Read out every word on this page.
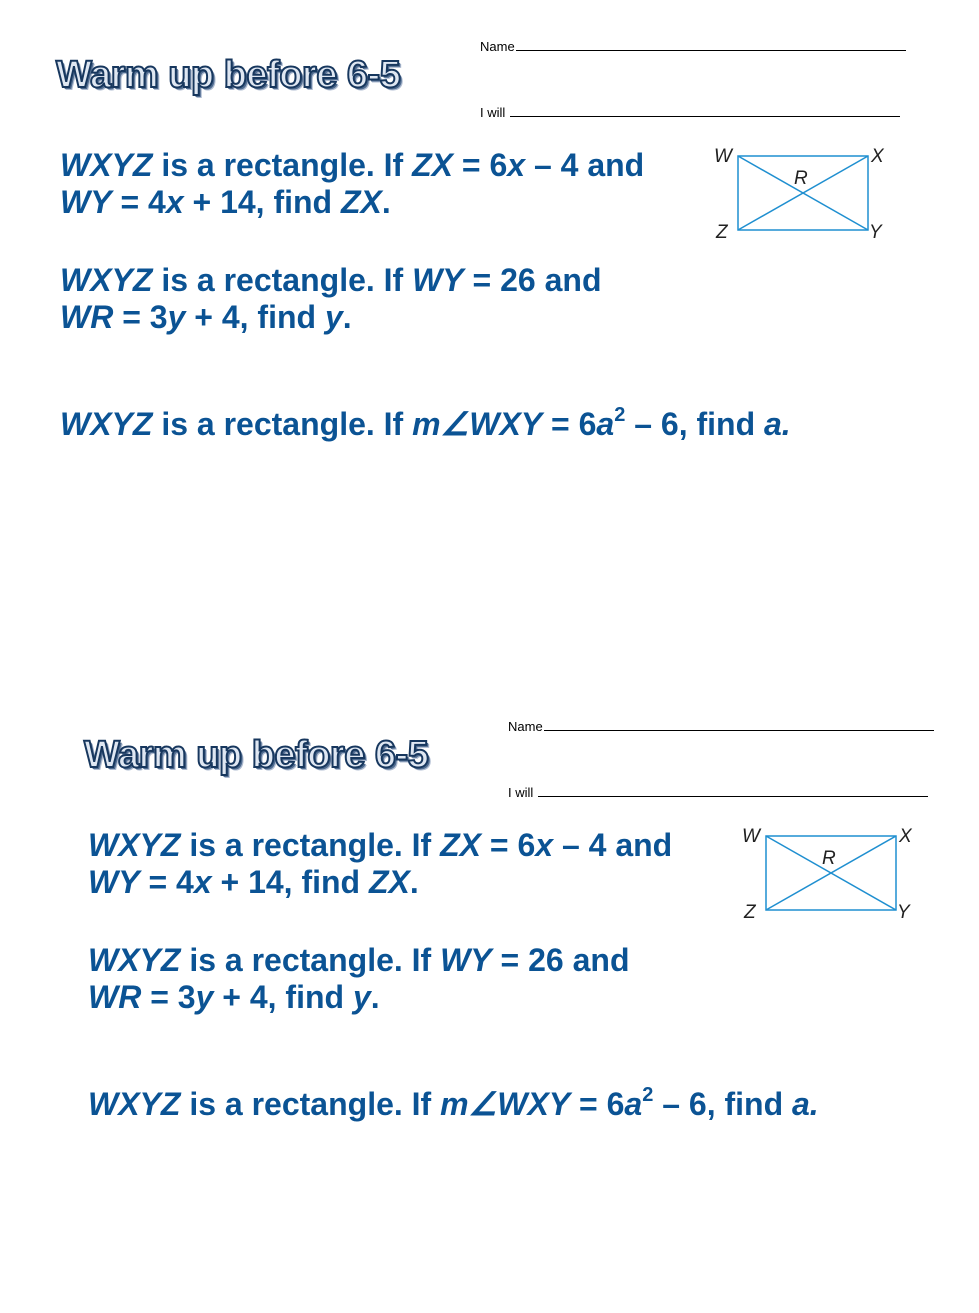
Warm up before 6-5
Name
I will

WXYZ is a rectangle. If ZX = 6x – 4 and
WY = 4x + 14, find ZX.

WXYZ is a rectangle. If WY = 26 and
WR = 3y + 4, find y.

WXYZ is a rectangle. If m∠WXY = $6a^2 - 6$, find a.

W	X
Y
Z
R
Warm up before 6-5
Name
I will

WXYZ is a rectangle. If ZX = 6x – 4 and
WY = 4x + 14, find ZX.

WXYZ is a rectangle. If WY = 26 and
WR = 3y + 4, find y.

WXYZ is a rectangle. If m∠WXY = $6a^2 - 6$, find a.

W	X
Y
Z
R
